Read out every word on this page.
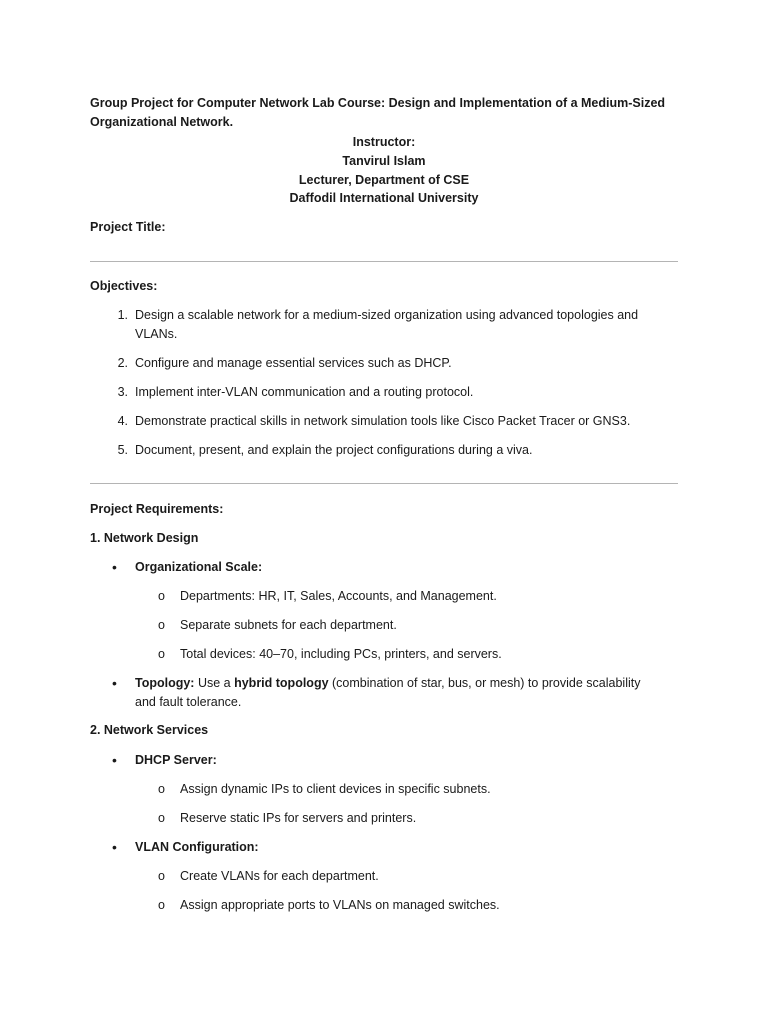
Group Project for Computer Network Lab Course: Design and Implementation of a Medium-Sized Organizational Network.
Instructor:
Tanvirul Islam
Lecturer, Department of CSE
Daffodil International University
Project Title:
Objectives:
1. Design a scalable network for a medium-sized organization using advanced topologies and VLANs.
2. Configure and manage essential services such as DHCP.
3. Implement inter-VLAN communication and a routing protocol.
4. Demonstrate practical skills in network simulation tools like Cisco Packet Tracer or GNS3.
5. Document, present, and explain the project configurations during a viva.
Project Requirements:
1. Network Design
• Organizational Scale:
o Departments: HR, IT, Sales, Accounts, and Management.
o Separate subnets for each department.
o Total devices: 40–70, including PCs, printers, and servers.
• Topology: Use a hybrid topology (combination of star, bus, or mesh) to provide scalability and fault tolerance.
2. Network Services
• DHCP Server:
o Assign dynamic IPs to client devices in specific subnets.
o Reserve static IPs for servers and printers.
• VLAN Configuration:
o Create VLANs for each department.
o Assign appropriate ports to VLANs on managed switches.
